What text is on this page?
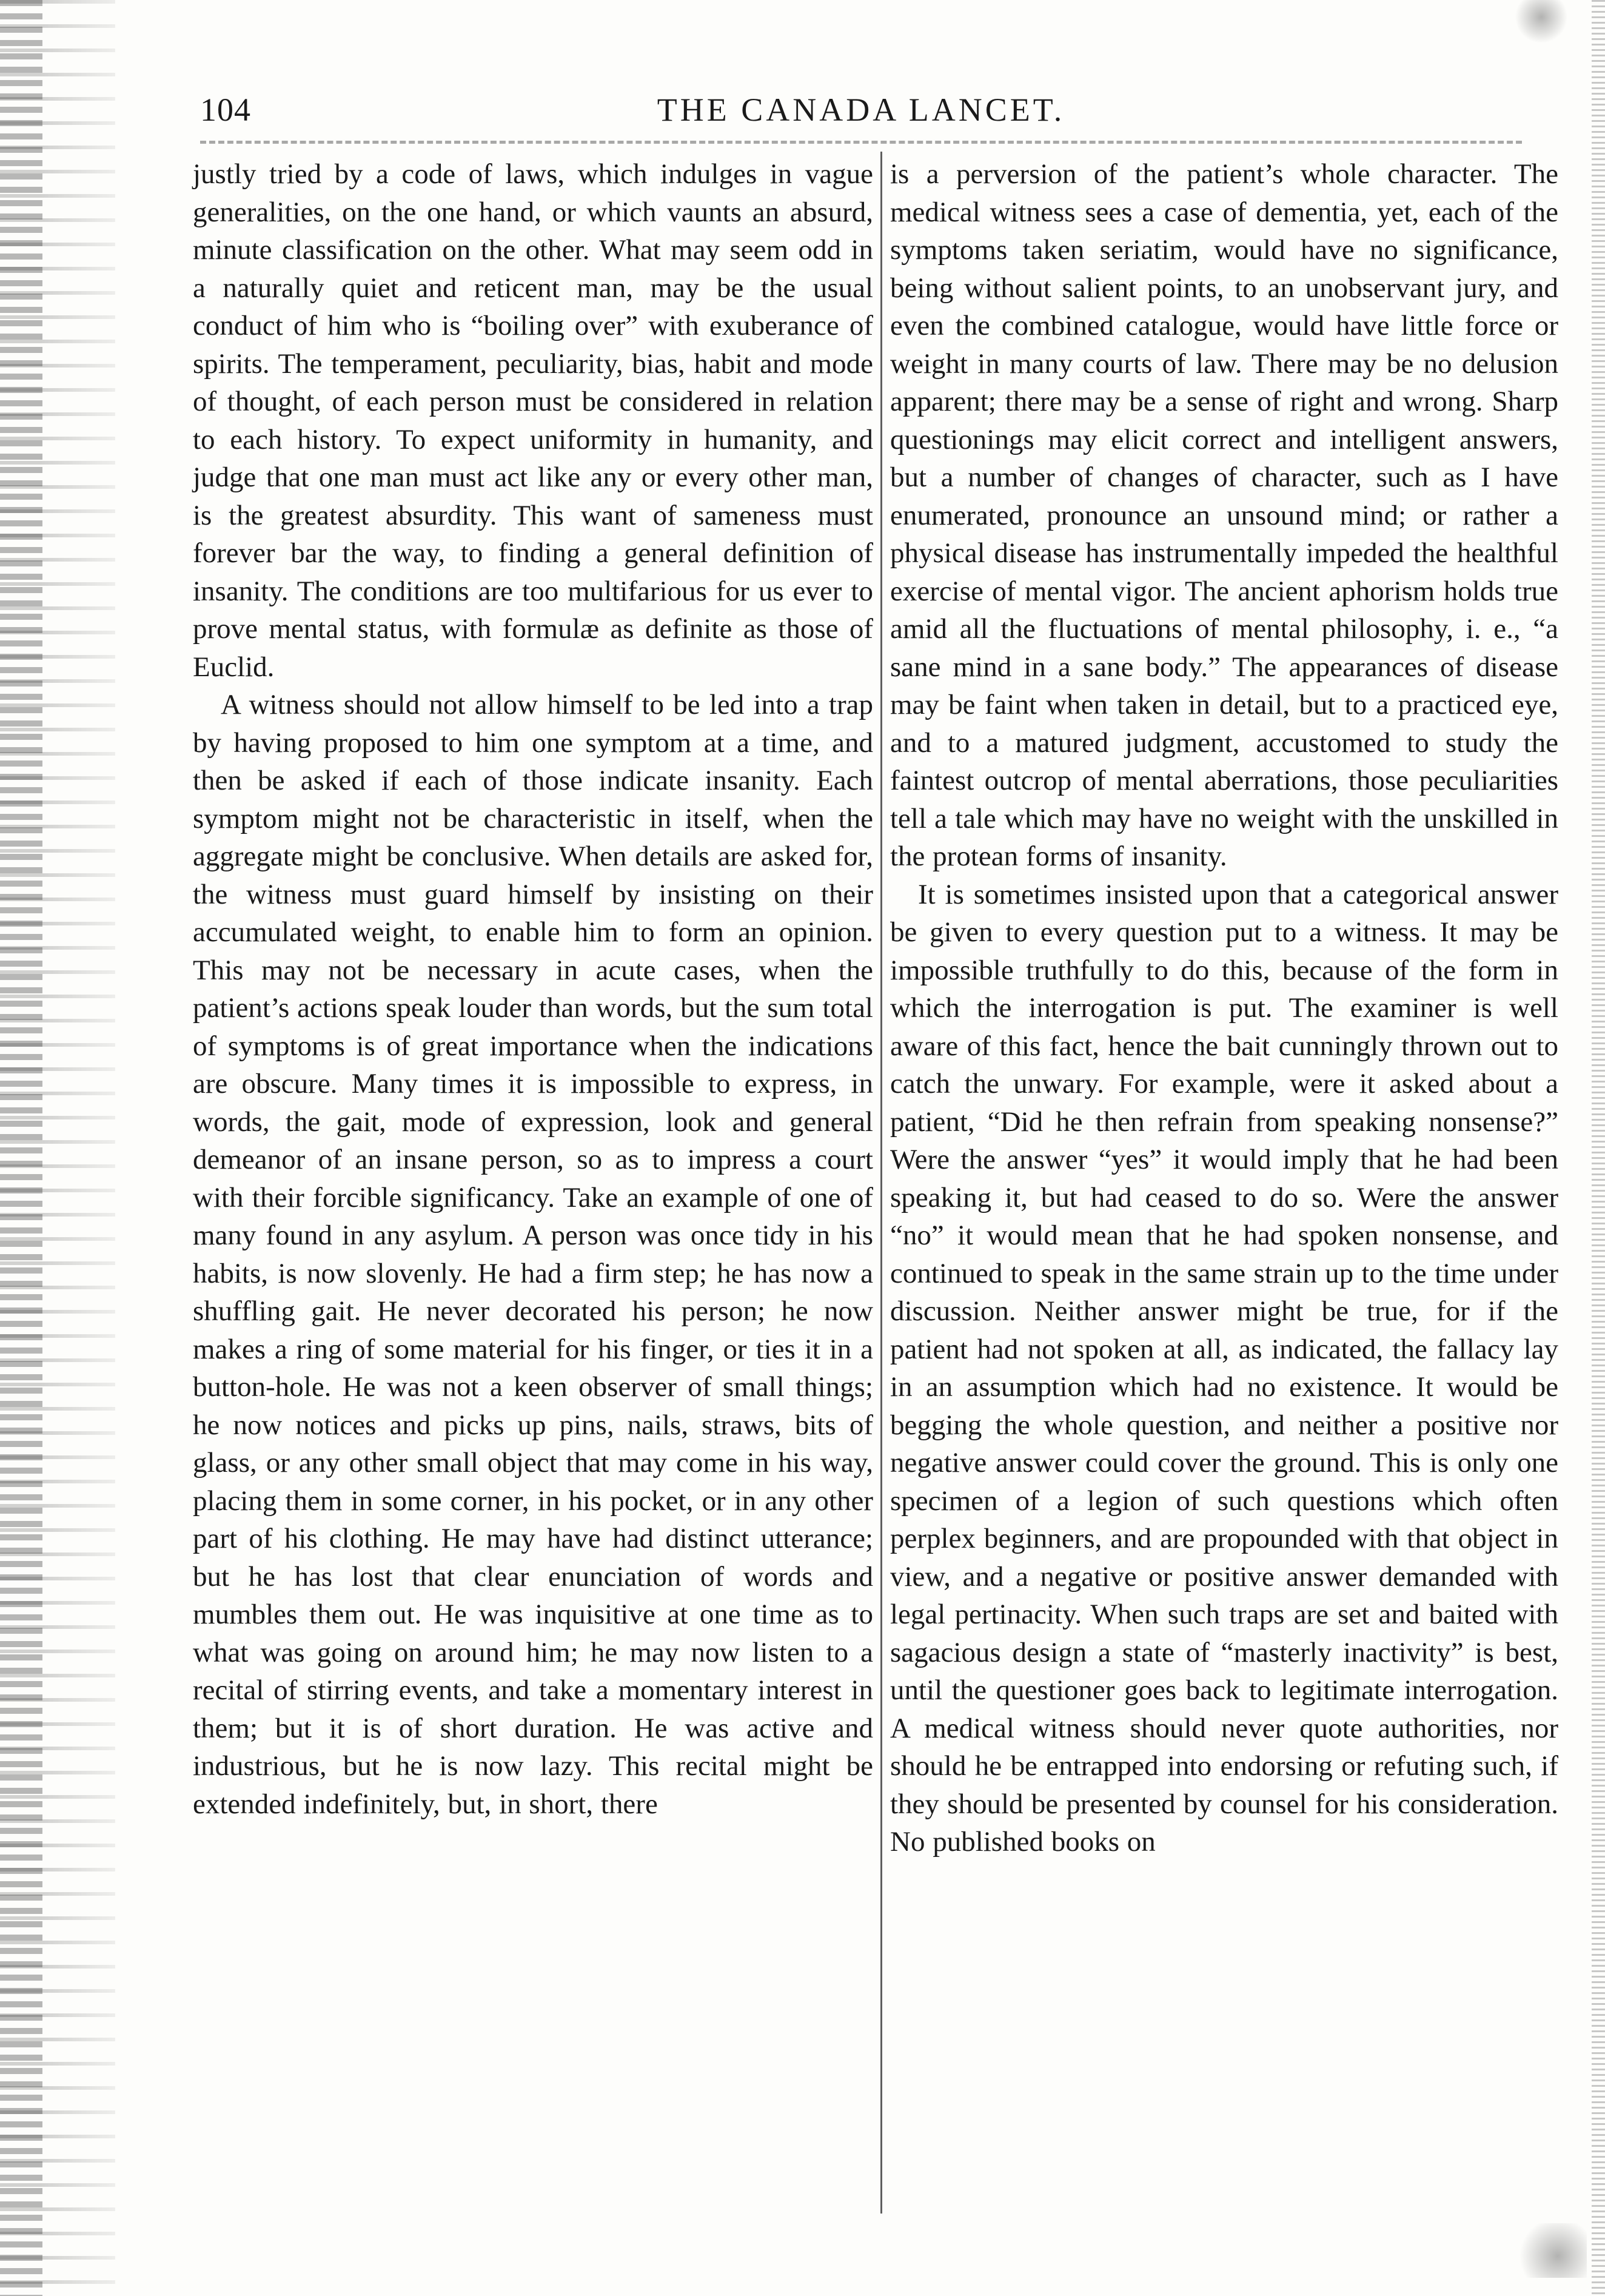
104	THE CANADA LANCET.

justly tried by a code of laws, which indulges in vague generalities, on the one hand, or which vaunts an absurd, minute classification on the other. What may seem odd in a naturally quiet and reticent man, may be the usual conduct of him who is “boiling over” with exuberance of spirits. The temperament, peculiarity, bias, habit and mode of thought, of each person must be considered in relation to each history. To expect uniformity in humanity, and judge that one man must act like any or every other man, is the greatest absurdity. This want of sameness must forever bar the way, to finding a general definition of insanity. The conditions are too multifarious for us ever to prove mental status, with formulæ as definite as those of Euclid.

A witness should not allow himself to be led into a trap by having proposed to him one symptom at a time, and then be asked if each of those indicate insanity. Each symptom might not be characteristic in itself, when the aggregate might be conclusive. When details are asked for, the witness must guard himself by insisting on their accumulated weight, to enable him to form an opinion. This may not be necessary in acute cases, when the patient’s actions speak louder than words, but the sum total of symptoms is of great importance when the indications are obscure. Many times it is impossible to express, in words, the gait, mode of expression, look and general demeanor of an insane person, so as to impress a court with their forcible significancy. Take an example of one of many found in any asylum. A person was once tidy in his habits, is now slovenly. He had a firm step; he has now a shuffling gait. He never decorated his person; he now makes a ring of some material for his finger, or ties it in a button-hole. He was not a keen observer of small things; he now notices and picks up pins, nails, straws, bits of glass, or any other small object that may come in his way, placing them in some corner, in his pocket, or in any other part of his clothing. He may have had distinct utterance; but he has lost that clear enunciation of words and mumbles them out. He was inquisitive at one time as to what was going on around him; he may now listen to a recital of stirring events, and take a momentary interest in them; but it is of short duration. He was active and industrious, but he is now lazy. This recital might be extended indefinitely, but, in short, there

is a perversion of the patient’s whole character. The medical witness sees a case of dementia, yet, each of the symptoms taken seriatim, would have no significance, being without salient points, to an unobservant jury, and even the combined catalogue, would have little force or weight in many courts of law. There may be no delusion apparent; there may be a sense of right and wrong. Sharp questionings may elicit correct and intelligent answers, but a number of changes of character, such as I have enumerated, pronounce an unsound mind; or rather a physical disease has instrumentally impeded the healthful exercise of mental vigor. The ancient aphorism holds true amid all the fluctuations of mental philosophy, i. e., “a sane mind in a sane body.” The appearances of disease may be faint when taken in detail, but to a practiced eye, and to a matured judgment, accustomed to study the faintest outcrop of mental aberrations, those peculiarities tell a tale which may have no weight with the unskilled in the protean forms of insanity.

It is sometimes insisted upon that a categorical answer be given to every question put to a witness. It may be impossible truthfully to do this, because of the form in which the interrogation is put. The examiner is well aware of this fact, hence the bait cunningly thrown out to catch the unwary. For example, were it asked about a patient, “Did he then refrain from speaking nonsense?” Were the answer “yes” it would imply that he had been speaking it, but had ceased to do so. Were the answer “no” it would mean that he had spoken nonsense, and continued to speak in the same strain up to the time under discussion. Neither answer might be true, for if the patient had not spoken at all, as indicated, the fallacy lay in an assumption which had no existence. It would be begging the whole question, and neither a positive nor negative answer could cover the ground. This is only one specimen of a legion of such questions which often perplex beginners, and are propounded with that object in view, and a negative or positive answer demanded with legal pertinacity. When such traps are set and baited with sagacious design a state of “masterly inactivity” is best, until the questioner goes back to legitimate interrogation. A medical witness should never quote authorities, nor should he be entrapped into endorsing or refuting such, if they should be presented by counsel for his consideration. No published books on
